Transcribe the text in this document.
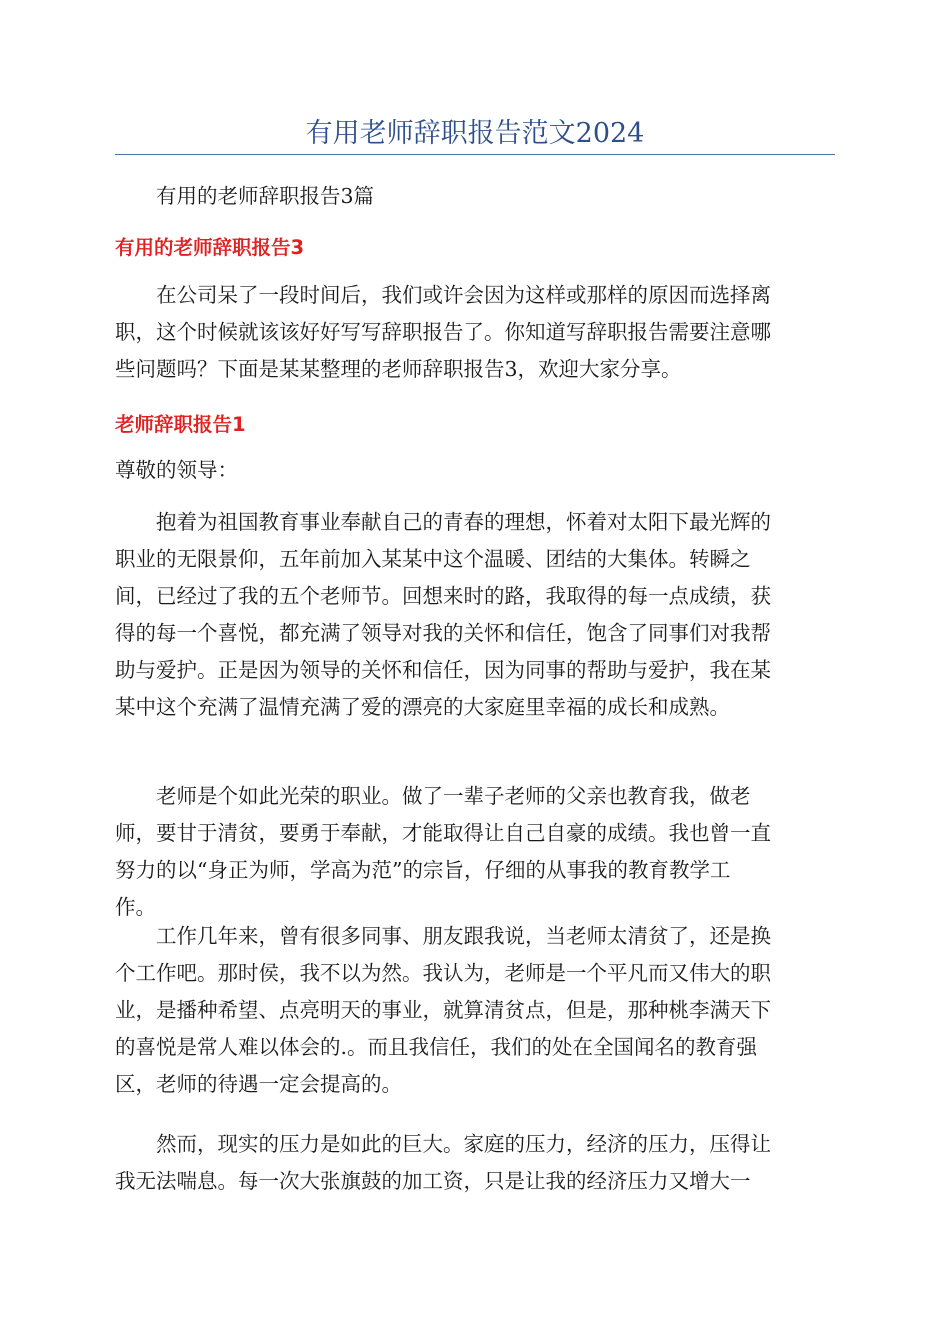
有用老师辞职报告范文2024
有用的老师辞职报告3篇
有用的老师辞职报告3
在公司呆了一段时间后，我们或许会因为这样或那样的原因而选择离
职，这个时候就该该好好写写辞职报告了。你知道写辞职报告需要注意哪
些问题吗？下面是某某整理的老师辞职报告3，欢迎大家分享。
老师辞职报告1
尊敬的领导：
抱着为祖国教育事业奉献自己的青春的理想，怀着对太阳下最光辉的
职业的无限景仰，五年前加入某某中这个温暖、团结的大集体。转瞬之
间，已经过了我的五个老师节。回想来时的路，我取得的每一点成绩，获
得的每一个喜悦，都充满了领导对我的关怀和信任，饱含了同事们对我帮
助与爱护。正是因为领导的关怀和信任，因为同事的帮助与爱护，我在某
某中这个充满了温情充满了爱的漂亮的大家庭里幸福的成长和成熟。
老师是个如此光荣的职业。做了一辈子老师的父亲也教育我，做老
师，要甘于清贫，要勇于奉献，才能取得让自己自豪的成绩。我也曾一直
努力的以“身正为师，学高为范”的宗旨，仔细的从事我的教育教学工
作。
工作几年来，曾有很多同事、朋友跟我说，当老师太清贫了，还是换
个工作吧。那时侯，我不以为然。我认为，老师是一个平凡而又伟大的职
业，是播种希望、点亮明天的事业，就算清贫点，但是，那种桃李满天下
的喜悦是常人难以体会的.。而且我信任，我们的处在全国闻名的教育强
区，老师的待遇一定会提高的。
然而，现实的压力是如此的巨大。家庭的压力，经济的压力，压得让
我无法喘息。每一次大张旗鼓的加工资，只是让我的经济压力又增大一
